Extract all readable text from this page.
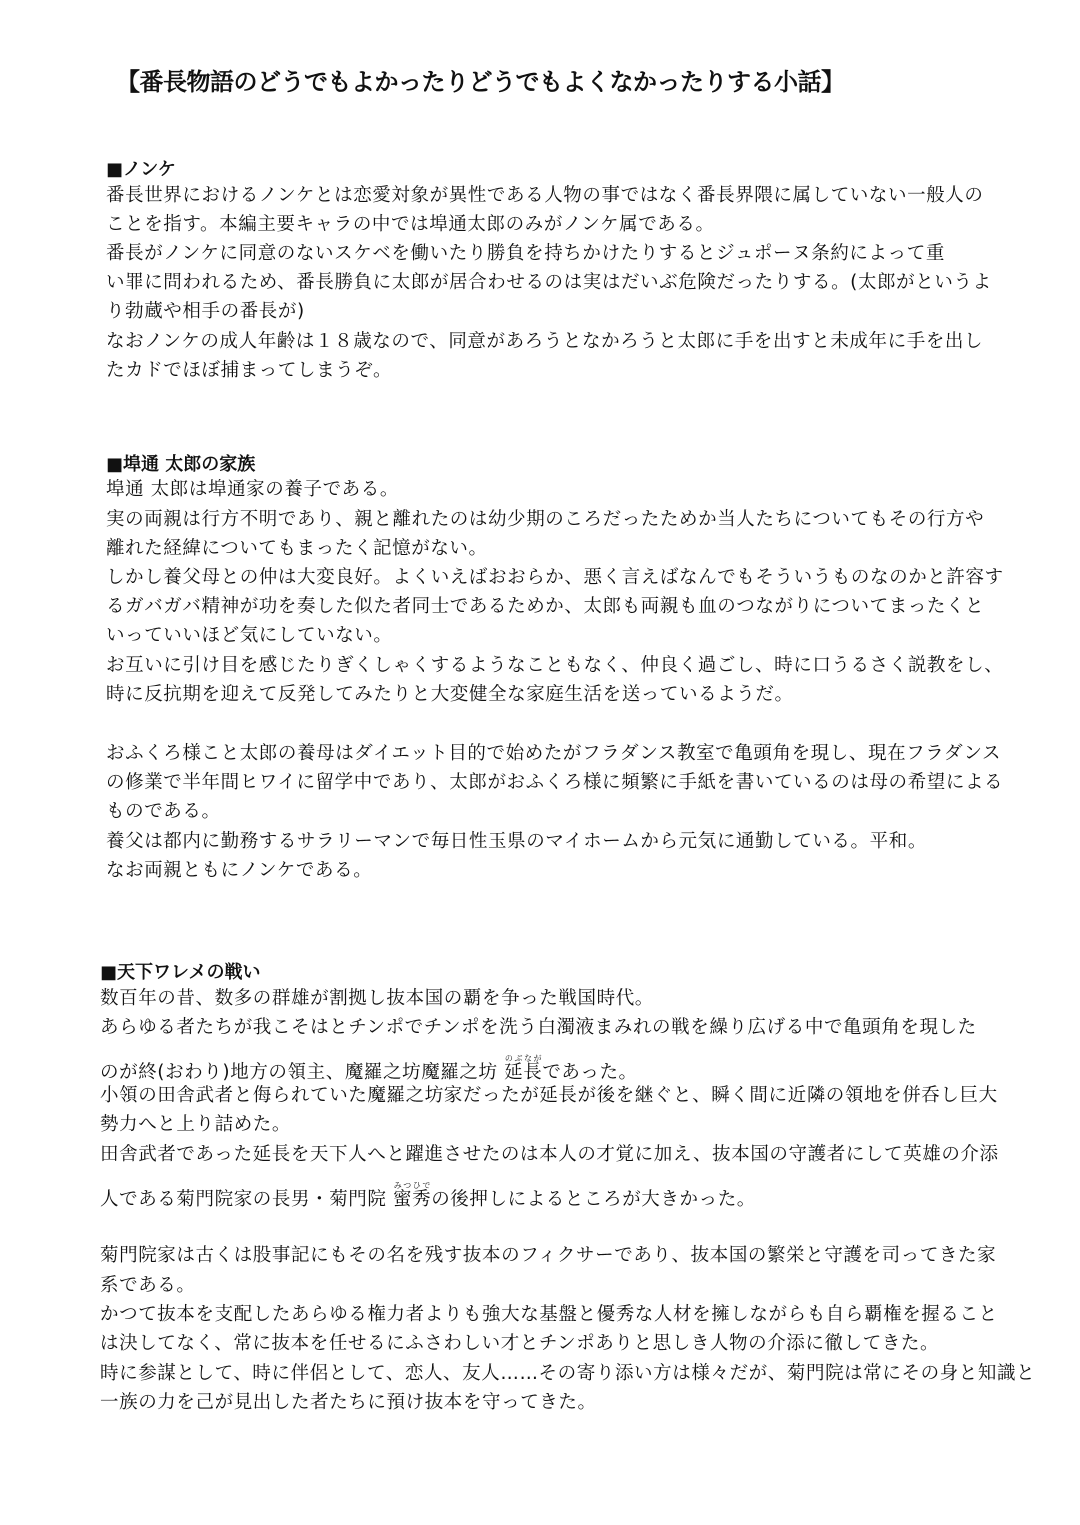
【番長物語のどうでもよかったりどうでもよくなかったりする小話】
■ノンケ
番長世界におけるノンケとは恋愛対象が異性である人物の事ではなく番長界隈に属していない一般人の
ことを指す。本編主要キャラの中では埠通太郎のみがノンケ属である。
番長がノンケに同意のないスケベを働いたり勝負を持ちかけたりするとジュポーヌ条約によって重
い罪に問われるため、番長勝負に太郎が居合わせるのは実はだいぶ危険だったりする。(太郎がというよ
り勃蔵や相手の番長が)
なおノンケの成人年齢は１８歳なので、同意があろうとなかろうと太郎に手を出すと未成年に手を出し
たカドでほぼ捕まってしまうぞ。
■埠通 太郎の家族
埠通 太郎は埠通家の養子である。
実の両親は行方不明であり、親と離れたのは幼少期のころだったためか当人たちについてもその行方や
離れた経緯についてもまったく記憶がない。
しかし養父母との仲は大変良好。よくいえばおおらか、悪く言えばなんでもそういうものなのかと許容す
るガバガバ精神が功を奏した似た者同士であるためか、太郎も両親も血のつながりについてまったくと
いっていいほど気にしていない。
お互いに引け目を感じたりぎくしゃくするようなこともなく、仲良く過ごし、時に口うるさく説教をし、
時に反抗期を迎えて反発してみたりと大変健全な家庭生活を送っているようだ。
おふくろ様こと太郎の養母はダイエット目的で始めたがフラダンス教室で亀頭角を現し、現在フラダンス
の修業で半年間ヒワイに留学中であり、太郎がおふくろ様に頻繁に手紙を書いているのは母の希望による
ものである。
養父は都内に勤務するサラリーマンで毎日性玉県のマイホームから元気に通勤している。平和。
なお両親ともにノンケである。
■天下ワレメの戦い
数百年の昔、数多の群雄が割拠し抜本国の覇を争った戦国時代。
あらゆる者たちが我こそはとチンポでチンポを洗う白濁液まみれの戦を繰り広げる中で亀頭角を現した
のが終(おわり)地方の領主、魔羅之坊魔羅之坊 延長のぶながであった。
小領の田舎武者と侮られていた魔羅之坊家だったが延長が後を継ぐと、瞬く間に近隣の領地を併呑し巨大
勢力へと上り詰めた。
田舎武者であった延長を天下人へと躍進させたのは本人の才覚に加え、抜本国の守護者にして英雄の介添
人である菊門院家の長男・菊門院 蜜秀みつひでの後押しによるところが大きかった。
菊門院家は古くは股事記にもその名を残す抜本のフィクサーであり、抜本国の繁栄と守護を司ってきた家
系である。
かつて抜本を支配したあらゆる権力者よりも強大な基盤と優秀な人材を擁しながらも自ら覇権を握ること
は決してなく、常に抜本を任せるにふさわしい才とチンポありと思しき人物の介添に徹してきた。
時に参謀として、時に伴侶として、恋人、友人……その寄り添い方は様々だが、菊門院は常にその身と知識と
一族の力を己が見出した者たちに預け抜本を守ってきた。
